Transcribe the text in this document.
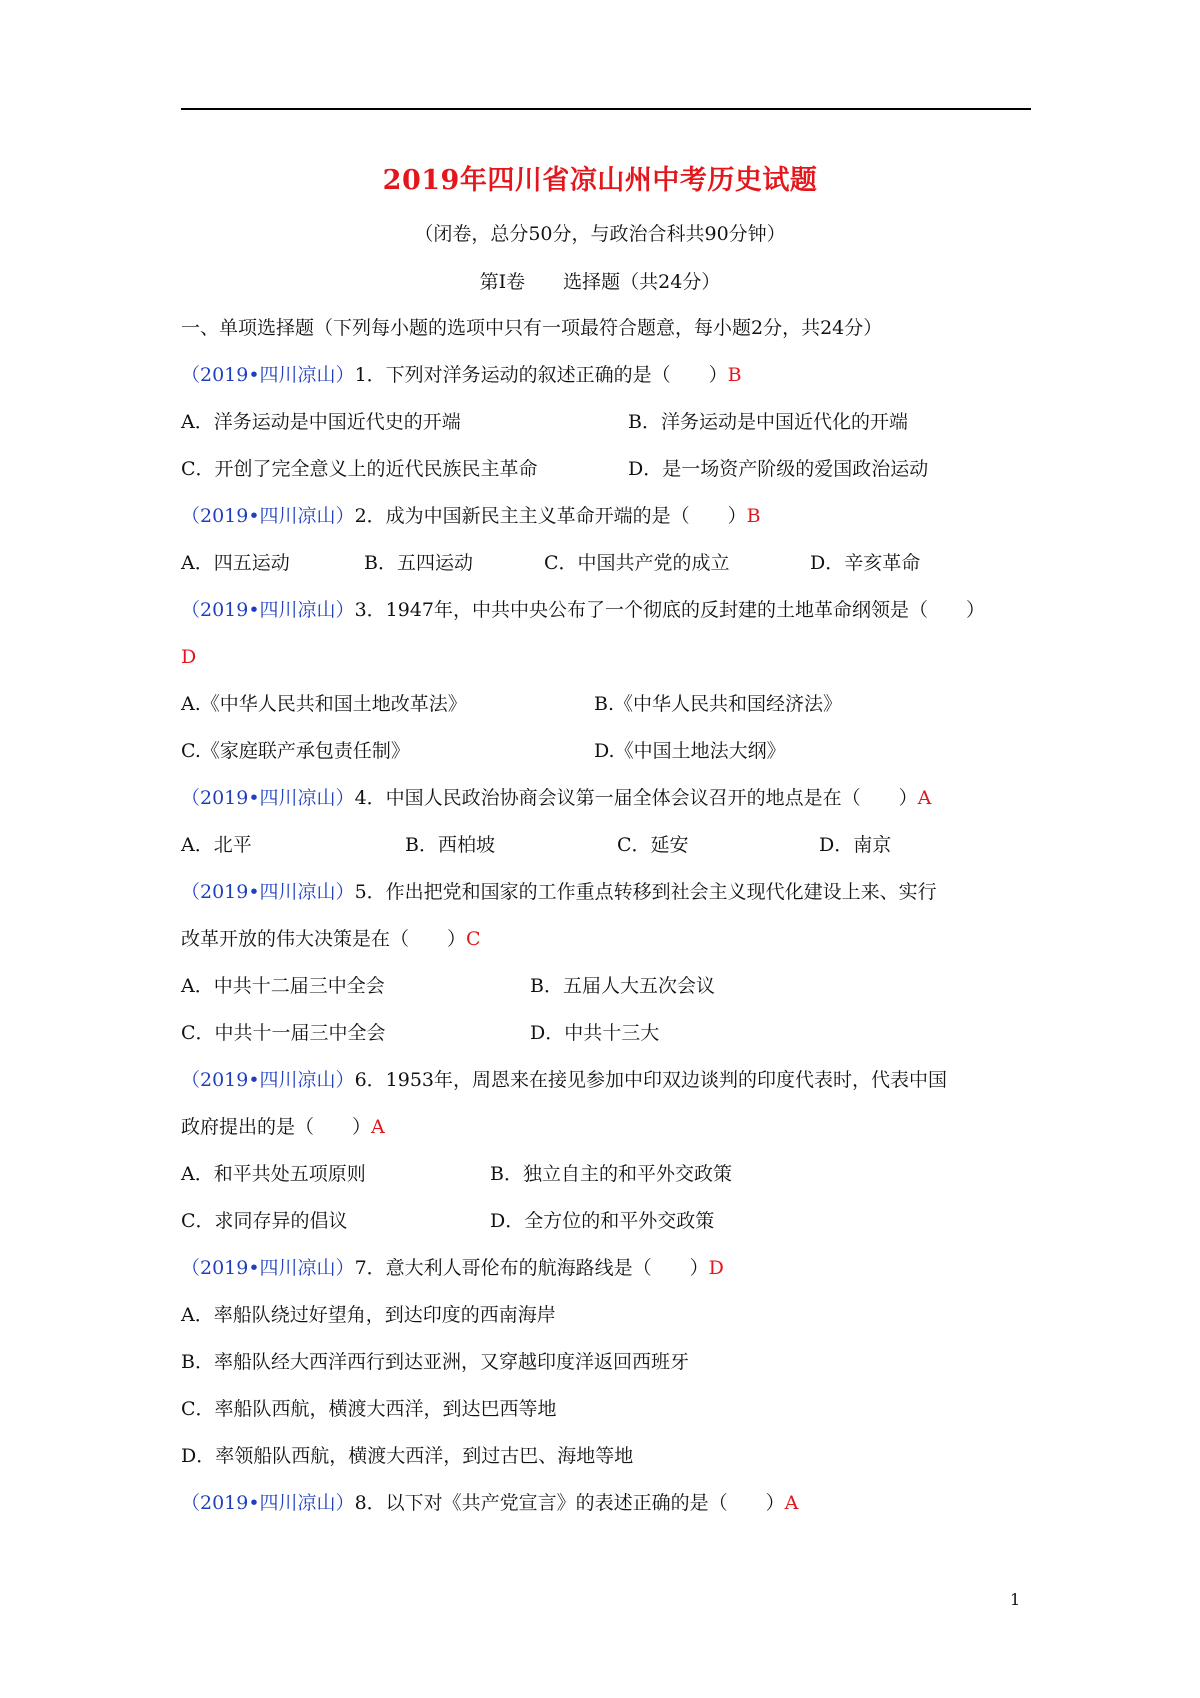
2019年四川省凉山州中考历史试题
（闭卷，总分50分，与政治合科共90分钟）
第Ⅰ卷　　选择题（共24分）
一、单项选择题（下列每小题的选项中只有一项最符合题意，每小题2分，共24分）
（2019•四川凉山）1．下列对洋务运动的叙述正确的是（　　）B
A．洋务运动是中国近代史的开端	B．洋务运动是中国近代化的开端
C．开创了完全意义上的近代民族民主革命	D．是一场资产阶级的爱国政治运动
（2019•四川凉山）2．成为中国新民主主义革命开端的是（　　）B
A．四五运动	B．五四运动	C．中国共产党的成立	D．辛亥革命
（2019•四川凉山）3．1947年，中共中央公布了一个彻底的反封建的土地革命纲领是（　　）
D
A.《中华人民共和国土地改革法》	B.《中华人民共和国经济法》
C.《家庭联产承包责任制》	D.《中国土地法大纲》
（2019•四川凉山）4．中国人民政治协商会议第一届全体会议召开的地点是在（　　）A
A．北平	B．西柏坡	C．延安	D．南京
（2019•四川凉山）5．作出把党和国家的工作重点转移到社会主义现代化建设上来、实行
改革开放的伟大决策是在（　　）C
A．中共十二届三中全会	B．五届人大五次会议
C．中共十一届三中全会	D．中共十三大
（2019•四川凉山）6．1953年，周恩来在接见参加中印双边谈判的印度代表时，代表中国
政府提出的是（　　）A
A．和平共处五项原则	B．独立自主的和平外交政策
C．求同存异的倡议	D．全方位的和平外交政策
（2019•四川凉山）7．意大利人哥伦布的航海路线是（　　）D
A．率船队绕过好望角，到达印度的西南海岸
B．率船队经大西洋西行到达亚洲，又穿越印度洋返回西班牙
C．率船队西航，横渡大西洋，到达巴西等地
D．率领船队西航，横渡大西洋，到过古巴、海地等地
（2019•四川凉山）8．以下对《共产党宣言》的表述正确的是（　　）A
1
